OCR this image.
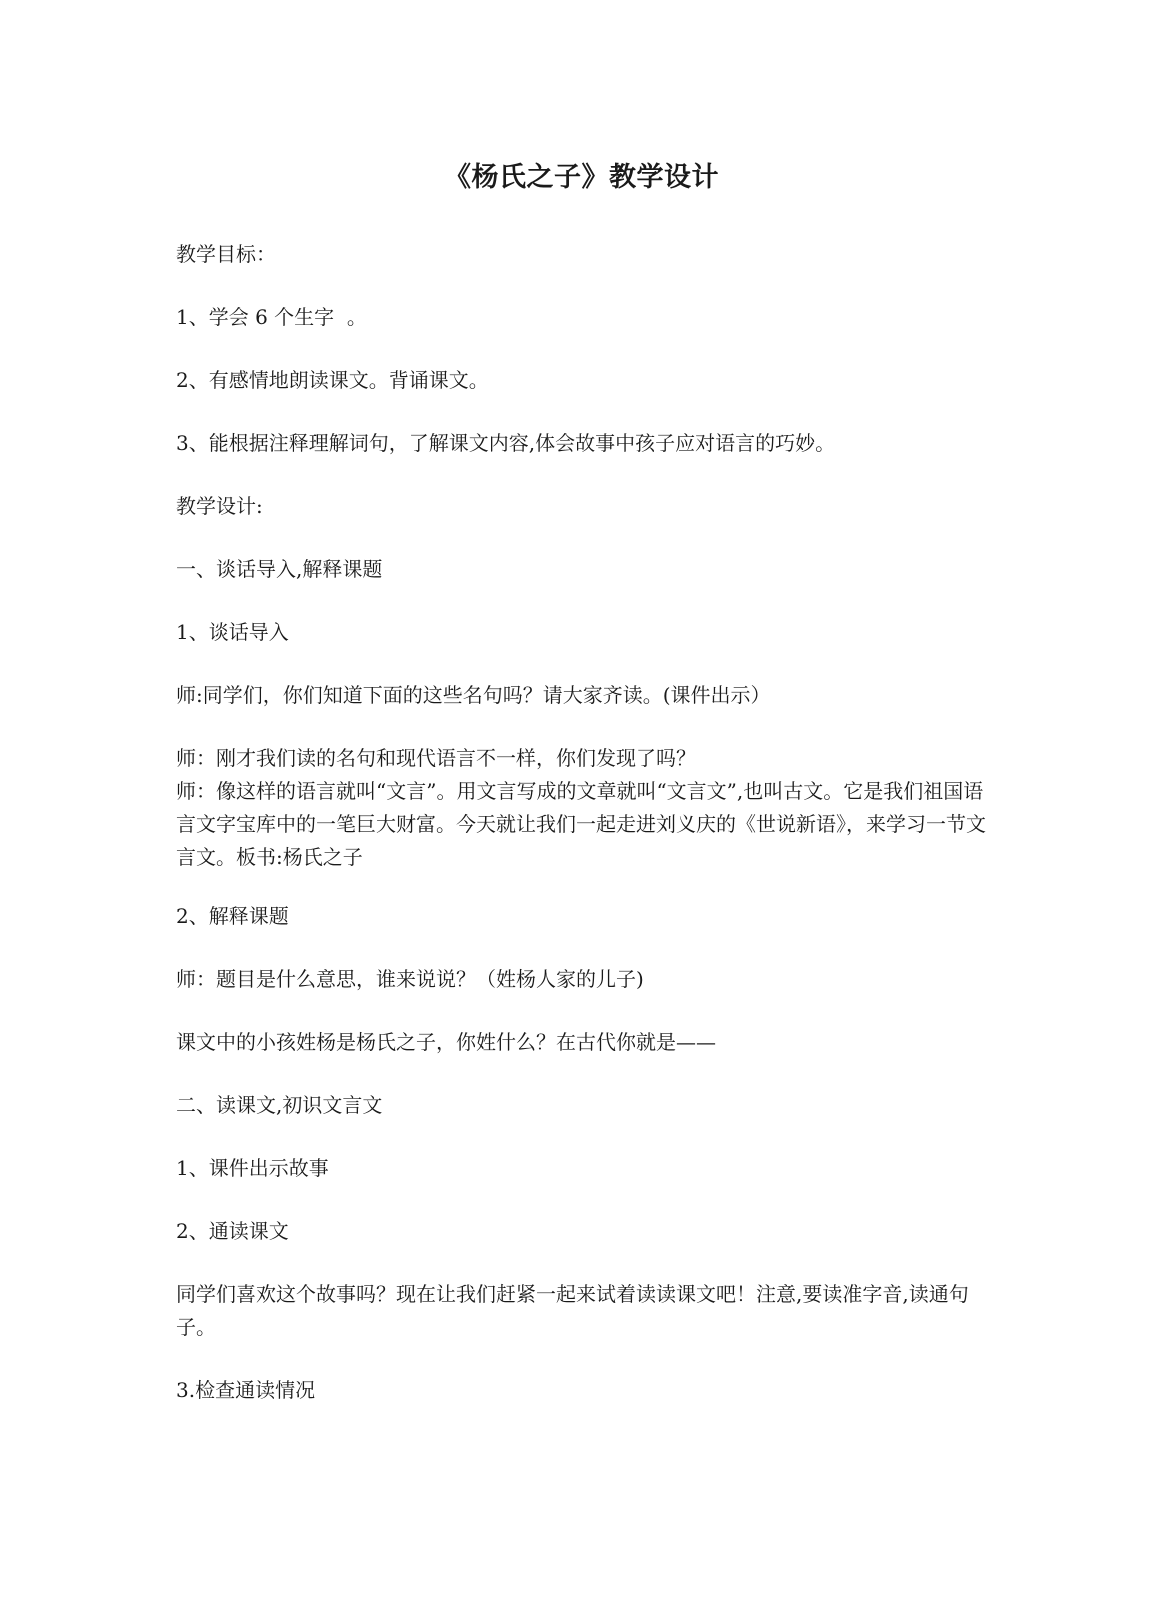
《杨氏之子》教学设计
教学目标：
1、学会 6 个生字  。
2、有感情地朗读课文。背诵课文。
3、能根据注释理解词句，了解课文内容,体会故事中孩子应对语言的巧妙。
教学设计:
一、谈话导入,解释课题
1、谈话导入
师:同学们，你们知道下面的这些名句吗？请大家齐读。(课件出示）
师：刚才我们读的名句和现代语言不一样，你们发现了吗？
师：像这样的语言就叫“文言”。用文言写成的文章就叫“文言文”,也叫古文。它是我们祖国语言文字宝库中的一笔巨大财富。今天就让我们一起走进刘义庆的《世说新语》，来学习一节文言文。板书:杨氏之子
2、解释课题
师：题目是什么意思，谁来说说？（姓杨人家的儿子)
课文中的小孩姓杨是杨氏之子，你姓什么？在古代你就是——
二、读课文,初识文言文
1、课件出示故事
2、通读课文
同学们喜欢这个故事吗？现在让我们赶紧一起来试着读读课文吧！注意,要读准字音,读通句子。
3.检查通读情况
